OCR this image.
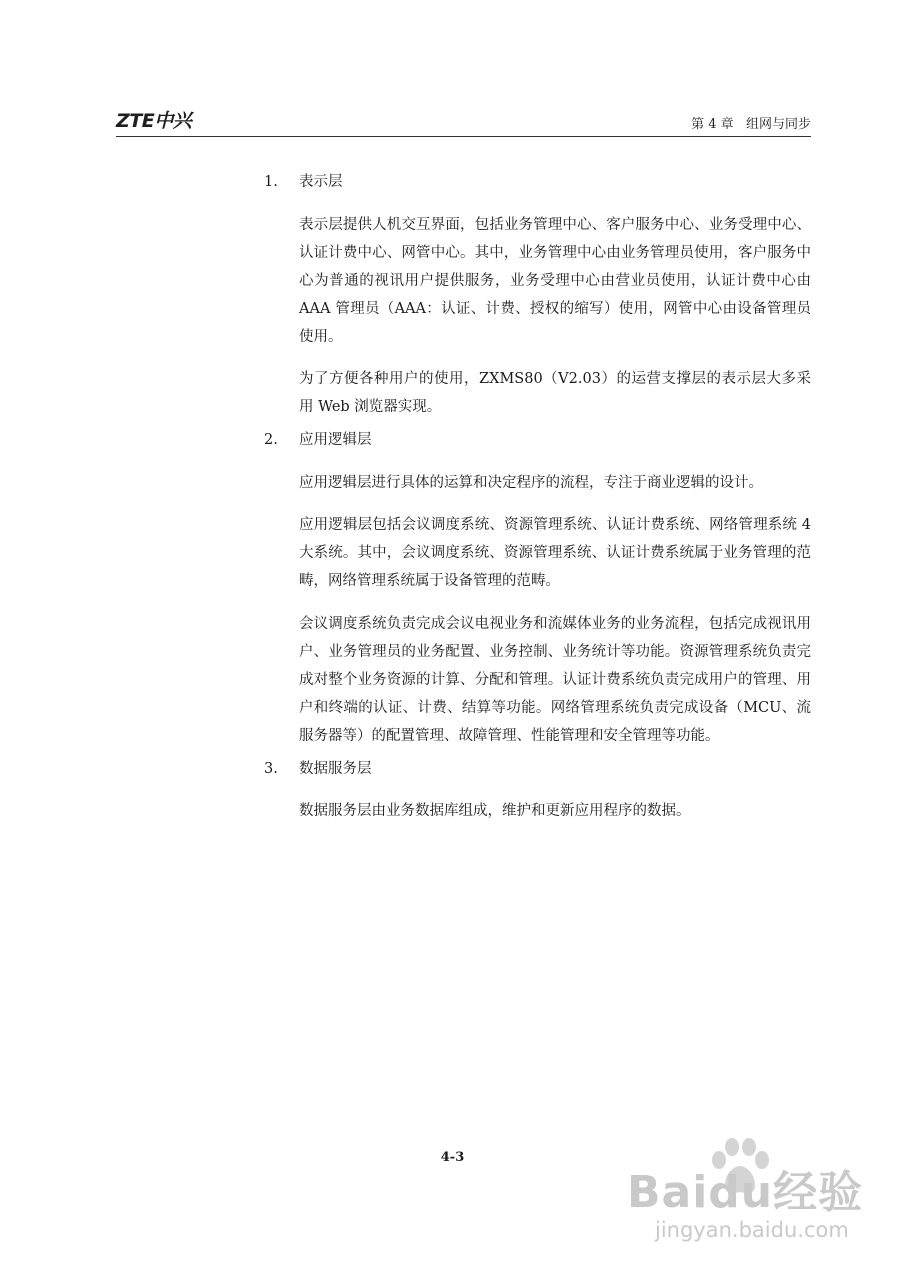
ZTE中兴	第 4 章   组网与同步
1.	表示层

表示层提供人机交互界面，包括业务管理中心、客户服务中心、业务受理中心、认证计费中心、网管中心。其中，业务管理中心由业务管理员使用，客户服务中心为普通的视讯用户提供服务，业务受理中心由营业员使用，认证计费中心由 AAA 管理员（AAA：认证、计费、授权的缩写）使用，网管中心由设备管理员使用。

为了方便各种用户的使用，ZXMS80（V2.03）的运营支撑层的表示层大多采用 Web 浏览器实现。

2.	应用逻辑层

应用逻辑层进行具体的运算和决定程序的流程，专注于商业逻辑的设计。

应用逻辑层包括会议调度系统、资源管理系统、认证计费系统、网络管理系统 4 大系统。其中，会议调度系统、资源管理系统、认证计费系统属于业务管理的范畴，网络管理系统属于设备管理的范畴。

会议调度系统负责完成会议电视业务和流媒体业务的业务流程，包括完成视讯用户、业务管理员的业务配置、业务控制、业务统计等功能。资源管理系统负责完成对整个业务资源的计算、分配和管理。认证计费系统负责完成用户的管理、用户和终端的认证、计费、结算等功能。网络管理系统负责完成设备（MCU、流服务器等）的配置管理、故障管理、性能管理和安全管理等功能。

3.	数据服务层

数据服务层由业务数据库组成，维护和更新应用程序的数据。

4-3
Baidu经验
jingyan.baidu.com
